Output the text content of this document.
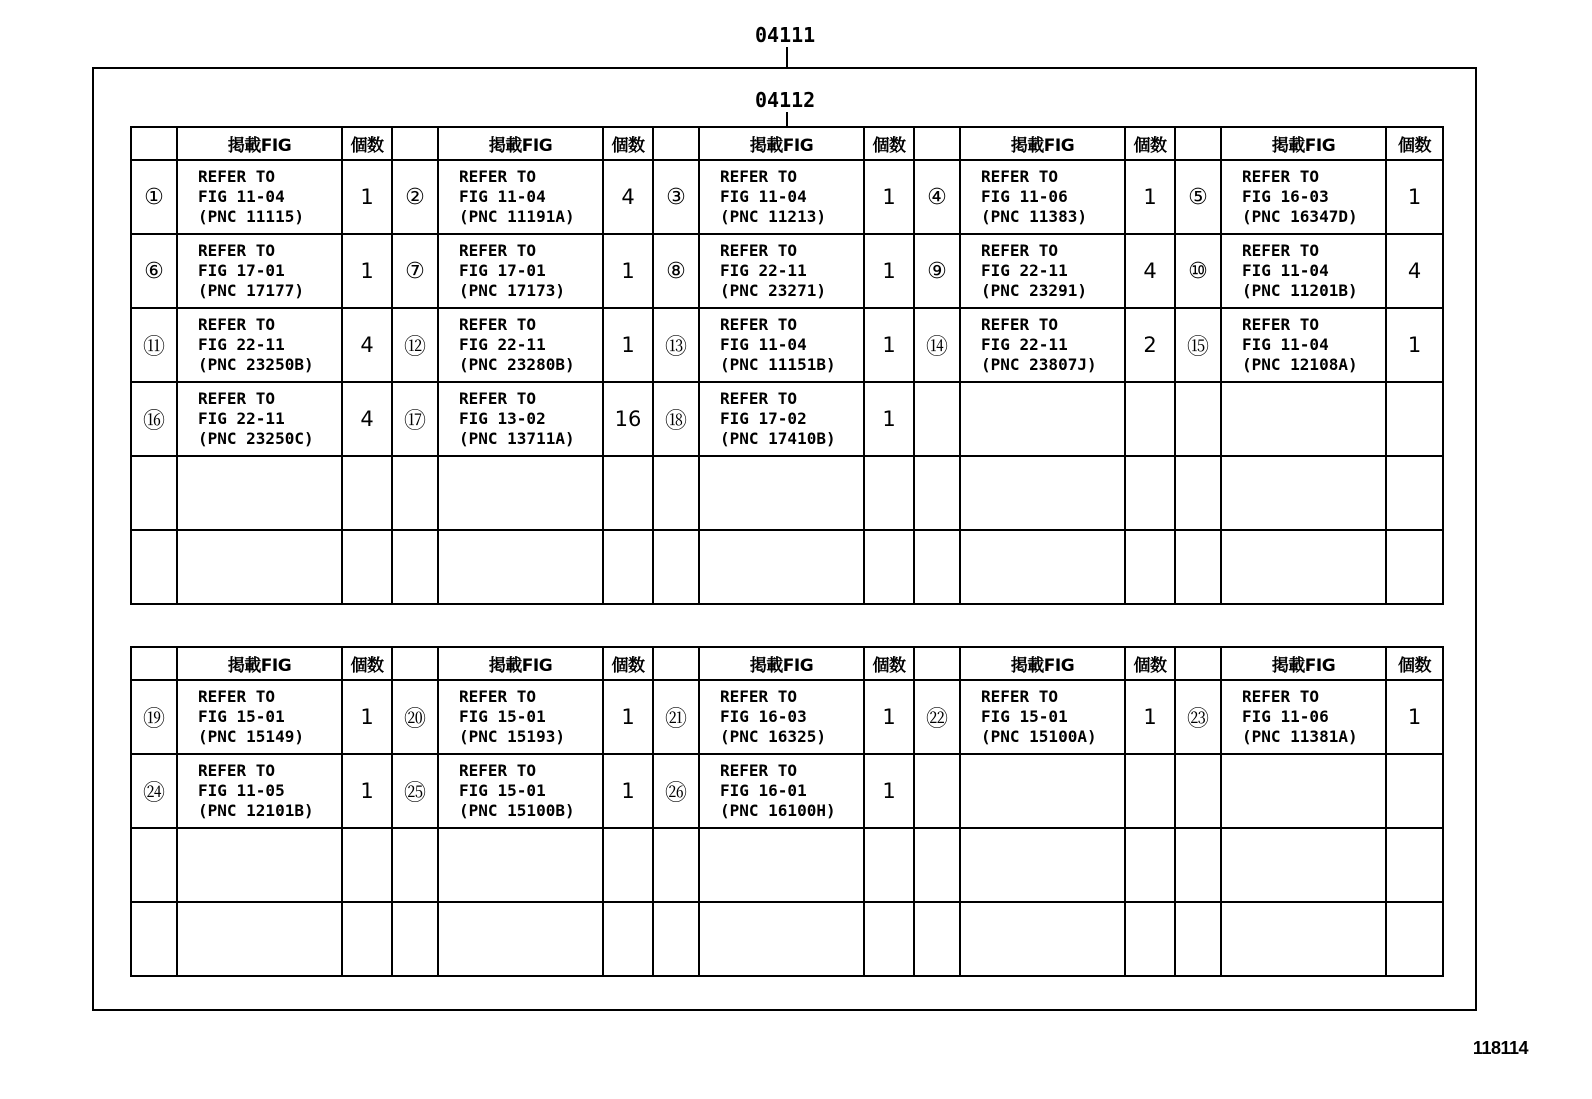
04111
04112
	掲載FIG	個数		掲載FIG	個数		掲載FIG	個数		掲載FIG	個数		掲載FIG	個数
①	REFER TO
FIG 11-04
(PNC 11115)	1	②	REFER TO
FIG 11-04
(PNC 11191A)	4	③	REFER TO
FIG 11-04
(PNC 11213)	1	④	REFER TO
FIG 11-06
(PNC 11383)	1	⑤	REFER TO
FIG 16-03
(PNC 16347D)	1
⑥	REFER TO
FIG 17-01
(PNC 17177)	1	⑦	REFER TO
FIG 17-01
(PNC 17173)	1	⑧	REFER TO
FIG 22-11
(PNC 23271)	1	⑨	REFER TO
FIG 22-11
(PNC 23291)	4	⑩	REFER TO
FIG 11-04
(PNC 11201B)	4
⑪	REFER TO
FIG 22-11
(PNC 23250B)	4	⑫	REFER TO
FIG 22-11
(PNC 23280B)	1	⑬	REFER TO
FIG 11-04
(PNC 11151B)	1	⑭	REFER TO
FIG 22-11
(PNC 23807J)	2	⑮	REFER TO
FIG 11-04
(PNC 12108A)	1
⑯	REFER TO
FIG 22-11
(PNC 23250C)	4	⑰	REFER TO
FIG 13-02
(PNC 13711A)	16	⑱	REFER TO
FIG 17-02
(PNC 17410B)	1						

	掲載FIG	個数		掲載FIG	個数		掲載FIG	個数		掲載FIG	個数		掲載FIG	個数
⑲	REFER TO
FIG 15-01
(PNC 15149)	1	⑳	REFER TO
FIG 15-01
(PNC 15193)	1	㉑	REFER TO
FIG 16-03
(PNC 16325)	1	㉒	REFER TO
FIG 15-01
(PNC 15100A)	1	㉓	REFER TO
FIG 11-06
(PNC 11381A)	1
㉔	REFER TO
FIG 11-05
(PNC 12101B)	1	㉕	REFER TO
FIG 15-01
(PNC 15100B)	1	㉖	REFER TO
FIG 16-01
(PNC 16100H)	1						

118114
